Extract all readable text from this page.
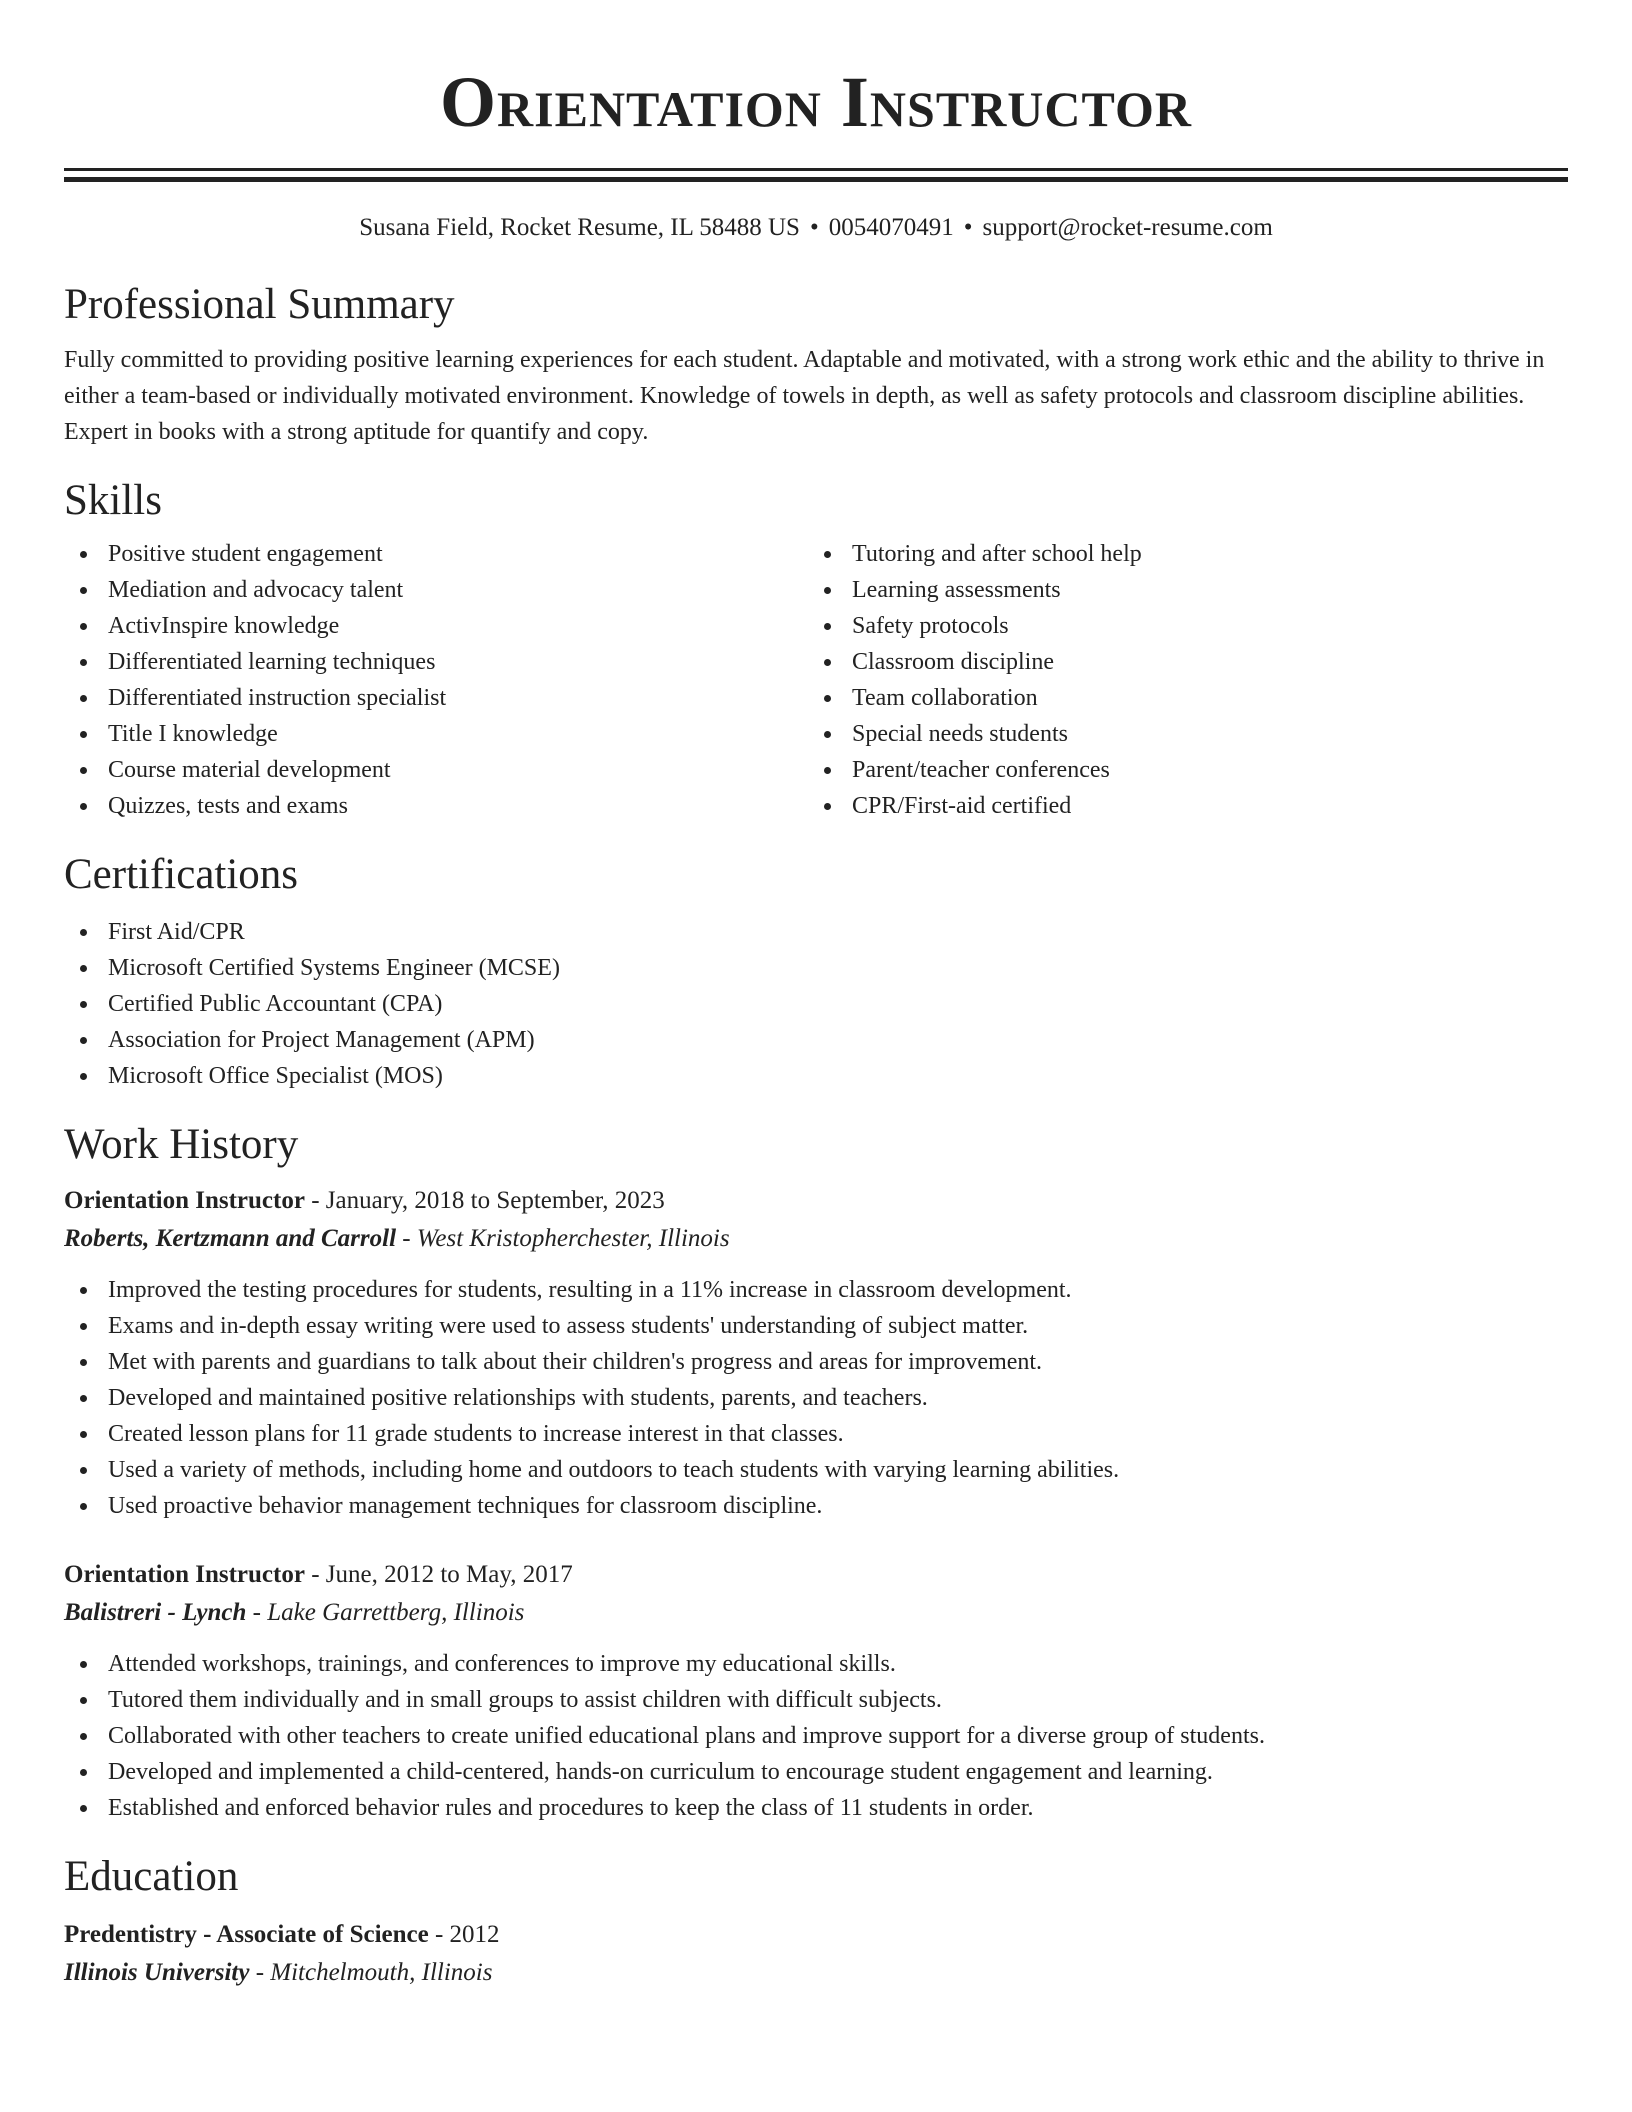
Orientation Instructor
Susana Field, Rocket Resume, IL 58488 US • 0054070491 • support@rocket-resume.com
Professional Summary

Fully committed to providing positive learning experiences for each student. Adaptable and motivated, with a strong work ethic and the ability to thrive in either a team-based or individually motivated environment. Knowledge of towels in depth, as well as safety protocols and classroom discipline abilities. Expert in books with a strong aptitude for quantify and copy.

Skills
Positive student engagement
Mediation and advocacy talent
ActivInspire knowledge
Differentiated learning techniques
Differentiated instruction specialist
Title I knowledge
Course material development
Quizzes, tests and exams
Tutoring and after school help
Learning assessments
Safety protocols
Classroom discipline
Team collaboration
Special needs students
Parent/teacher conferences
CPR/First-aid certified
Certifications
First Aid/CPR
Microsoft Certified Systems Engineer (MCSE)
Certified Public Accountant (CPA)
Association for Project Management (APM)
Microsoft Office Specialist (MOS)
Work History
Orientation Instructor - January, 2018 to September, 2023
Roberts, Kertzmann and Carroll - West Kristopherchester, Illinois
Improved the testing procedures for students, resulting in a 11% increase in classroom development.
Exams and in-depth essay writing were used to assess students' understanding of subject matter.
Met with parents and guardians to talk about their children's progress and areas for improvement.
Developed and maintained positive relationships with students, parents, and teachers.
Created lesson plans for 11 grade students to increase interest in that classes.
Used a variety of methods, including home and outdoors to teach students with varying learning abilities.
Used proactive behavior management techniques for classroom discipline.
Orientation Instructor - June, 2012 to May, 2017
Balistreri - Lynch - Lake Garrettberg, Illinois
Attended workshops, trainings, and conferences to improve my educational skills.
Tutored them individually and in small groups to assist children with difficult subjects.
Collaborated with other teachers to create unified educational plans and improve support for a diverse group of students.
Developed and implemented a child-centered, hands-on curriculum to encourage student engagement and learning.
Established and enforced behavior rules and procedures to keep the class of 11 students in order.
Education
Predentistry - Associate of Science - 2012
Illinois University - Mitchelmouth, Illinois
